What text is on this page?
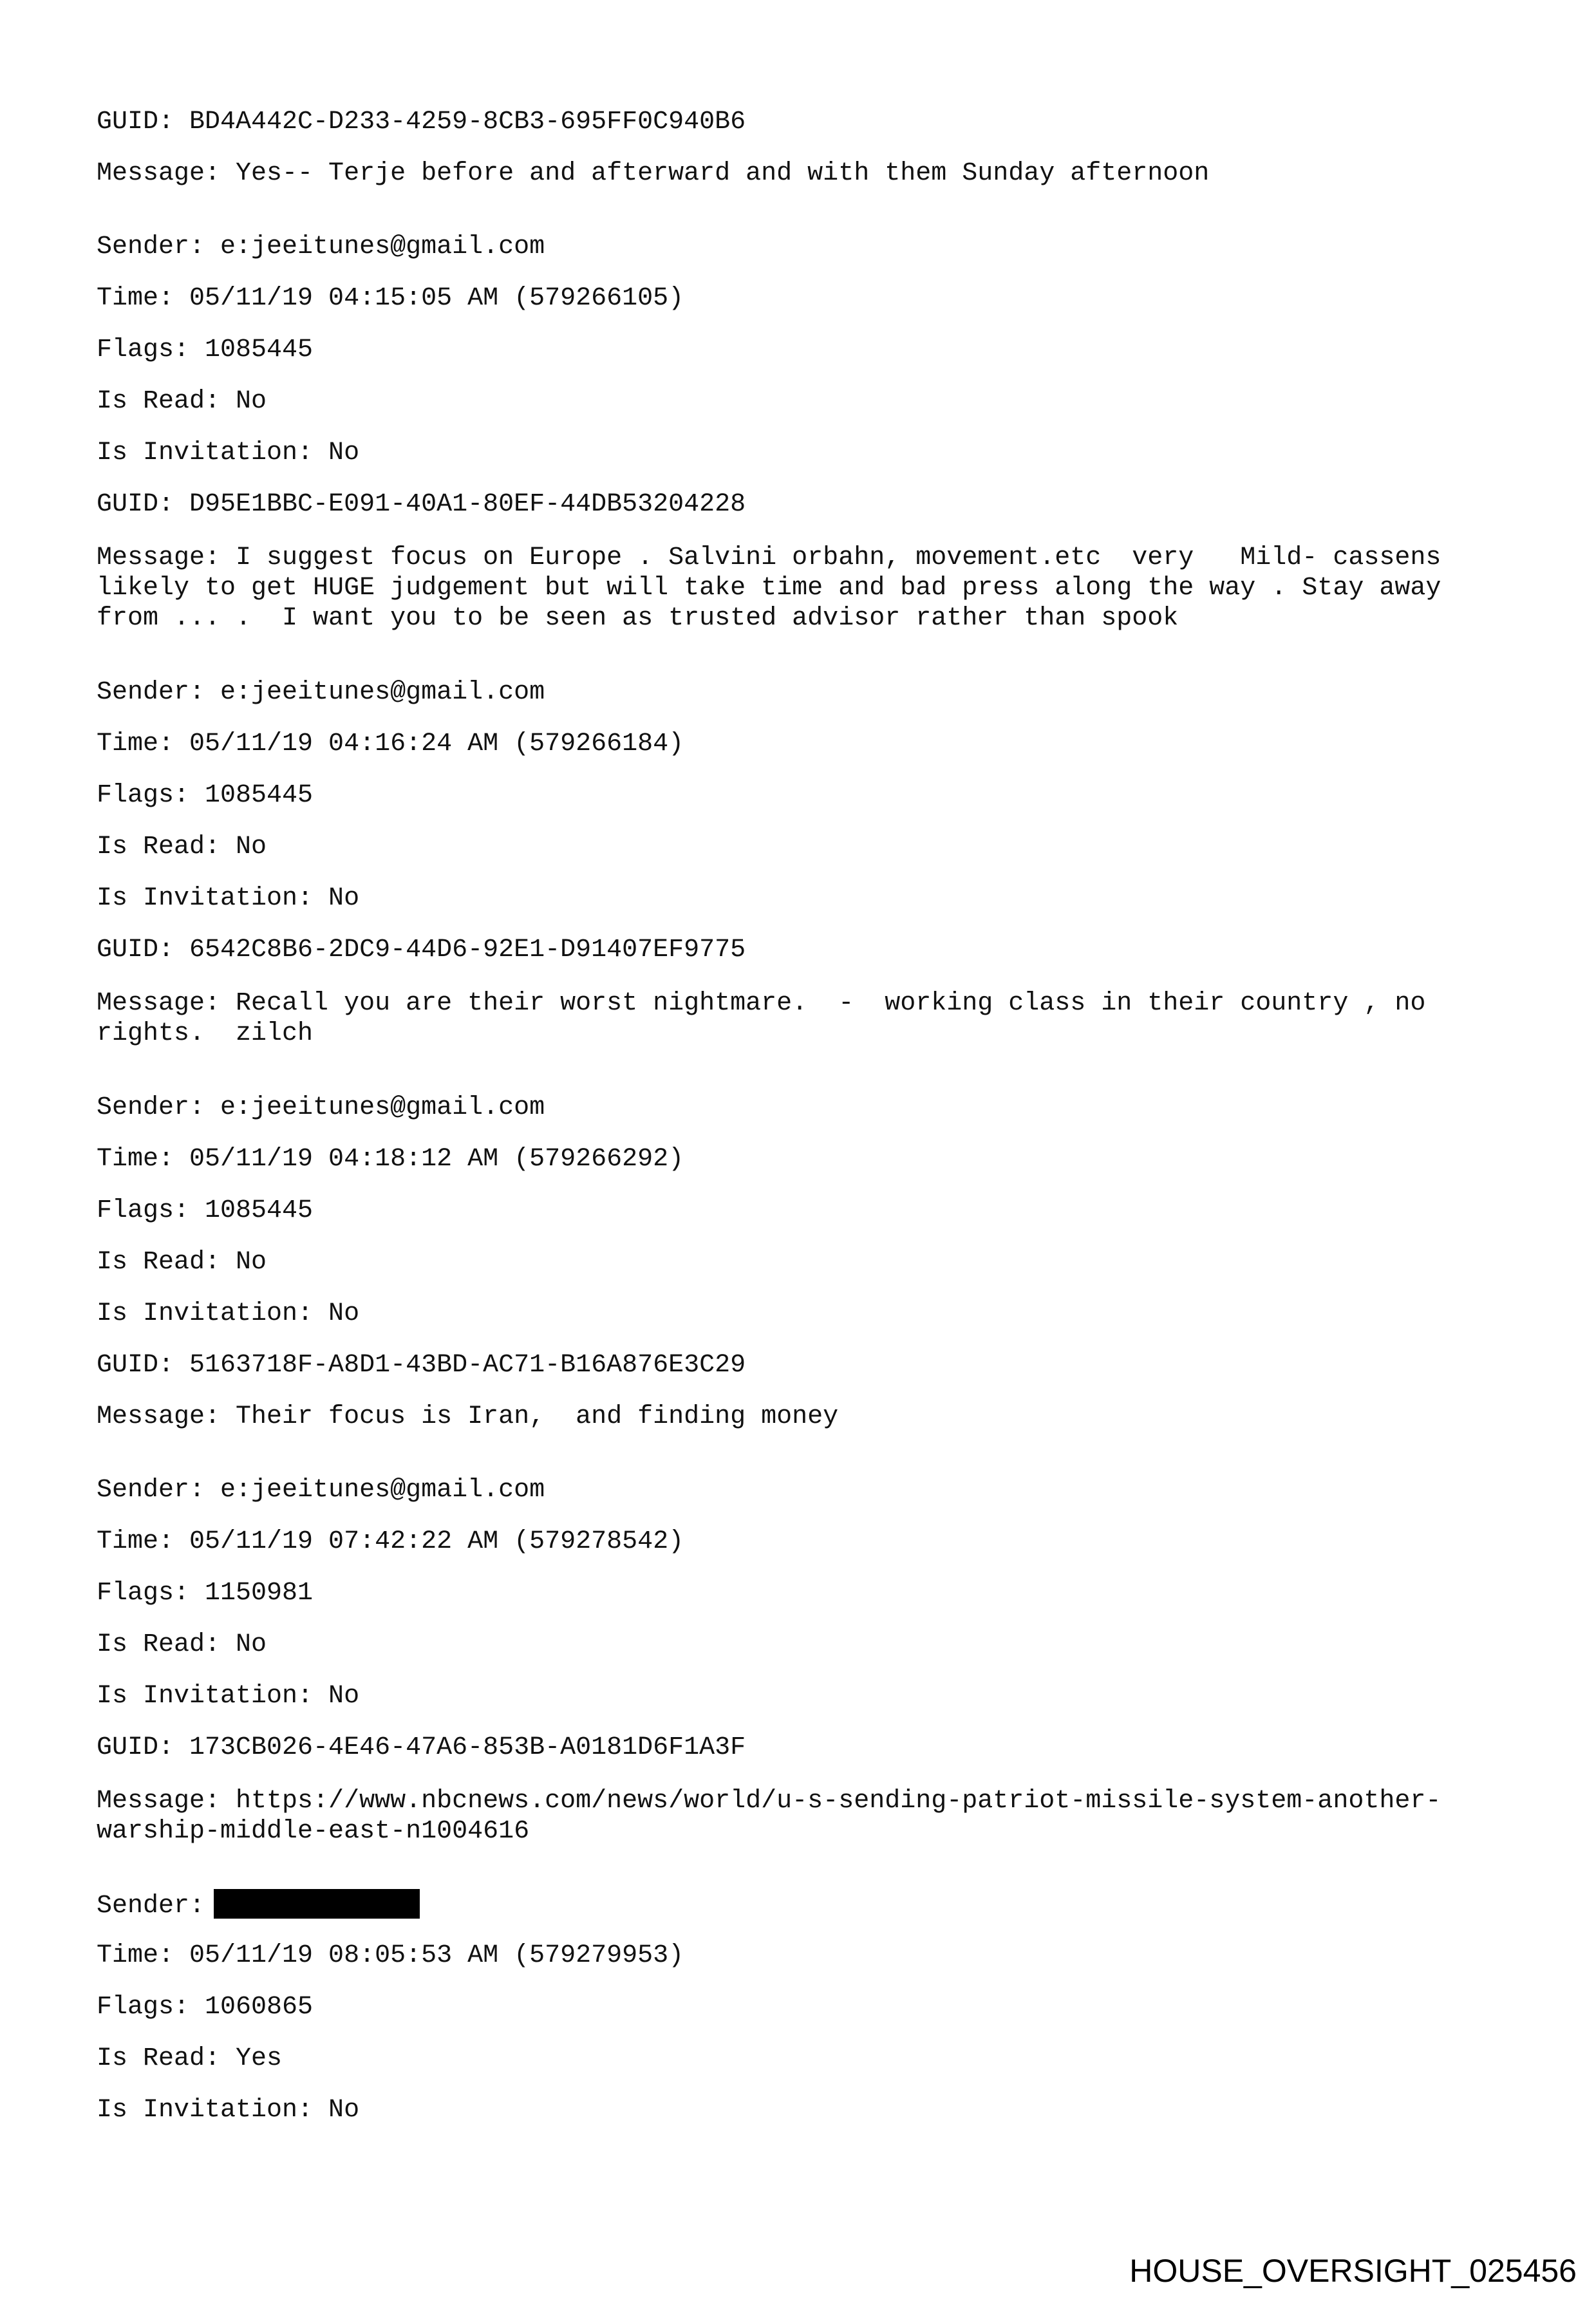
GUID: BD4A442C-D233-4259-8CB3-695FF0C940B6
Message: Yes-- Terje before and afterward and with them Sunday afternoon
Sender: e:jeeitunes@gmail.com
Time: 05/11/19 04:15:05 AM (579266105)
Flags: 1085445
Is Read: No
Is Invitation: No
GUID: D95E1BBC-E091-40A1-80EF-44DB53204228
Message: I suggest focus on Europe . Salvini orbahn, movement.etc  very   Mild- cassens
likely to get HUGE judgement but will take time and bad press along the way . Stay away
from ... .  I want you to be seen as trusted advisor rather than spook
Sender: e:jeeitunes@gmail.com
Time: 05/11/19 04:16:24 AM (579266184)
Flags: 1085445
Is Read: No
Is Invitation: No
GUID: 6542C8B6-2DC9-44D6-92E1-D91407EF9775
Message: Recall you are their worst nightmare.  -  working class in their country , no
rights.  zilch
Sender: e:jeeitunes@gmail.com
Time: 05/11/19 04:18:12 AM (579266292)
Flags: 1085445
Is Read: No
Is Invitation: No
GUID: 5163718F-A8D1-43BD-AC71-B16A876E3C29
Message: Their focus is Iran,  and finding money
Sender: e:jeeitunes@gmail.com
Time: 05/11/19 07:42:22 AM (579278542)
Flags: 1150981
Is Read: No
Is Invitation: No
GUID: 173CB026-4E46-47A6-853B-A0181D6F1A3F
Message: https://www.nbcnews.com/news/world/u-s-sending-patriot-missile-system-another-
warship-middle-east-n1004616
Sender:
Time: 05/11/19 08:05:53 AM (579279953)
Flags: 1060865
Is Read: Yes
Is Invitation: No
HOUSE_OVERSIGHT_025456
